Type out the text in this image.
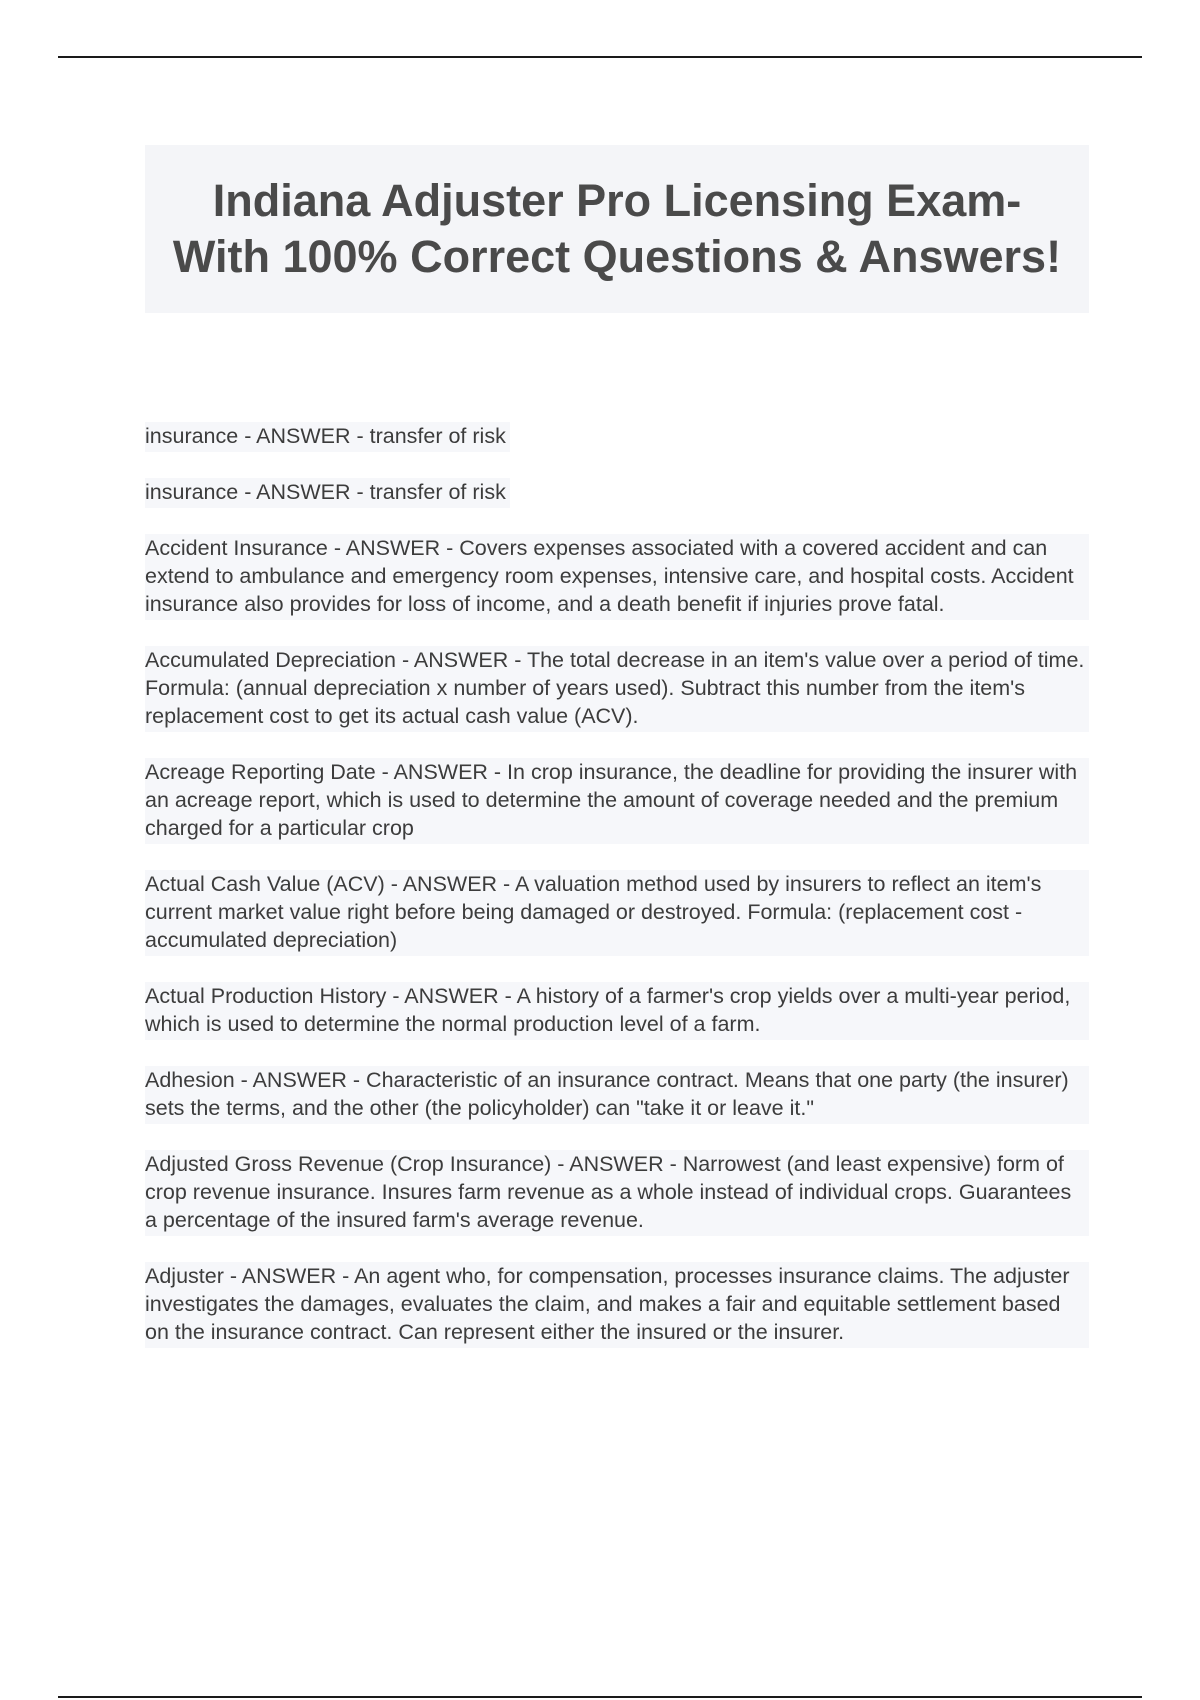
Indiana Adjuster Pro Licensing Exam- With 100% Correct Questions & Answers!

insurance - ANSWER - transfer of risk

insurance - ANSWER - transfer of risk

Accident Insurance - ANSWER - Covers expenses associated with a covered accident and can extend to ambulance and emergency room expenses, intensive care, and hospital costs. Accident insurance also provides for loss of income, and a death benefit if injuries prove fatal.

Accumulated Depreciation - ANSWER - The total decrease in an item's value over a period of time. Formula: (annual depreciation x number of years used). Subtract this number from the item's replacement cost to get its actual cash value (ACV).

Acreage Reporting Date - ANSWER - In crop insurance, the deadline for providing the insurer with an acreage report, which is used to determine the amount of coverage needed and the premium charged for a particular crop

Actual Cash Value (ACV) - ANSWER - A valuation method used by insurers to reflect an item's current market value right before being damaged or destroyed. Formula: (replacement cost - accumulated depreciation)

Actual Production History - ANSWER - A history of a farmer's crop yields over a multi-year period, which is used to determine the normal production level of a farm.

Adhesion - ANSWER - Characteristic of an insurance contract. Means that one party (the insurer) sets the terms, and the other (the policyholder) can "take it or leave it."

Adjusted Gross Revenue (Crop Insurance) - ANSWER - Narrowest (and least expensive) form of crop revenue insurance. Insures farm revenue as a whole instead of individual crops. Guarantees a percentage of the insured farm's average revenue.

Adjuster - ANSWER - An agent who, for compensation, processes insurance claims. The adjuster investigates the damages, evaluates the claim, and makes a fair and equitable settlement based on the insurance contract. Can represent either the insured or the insurer.
